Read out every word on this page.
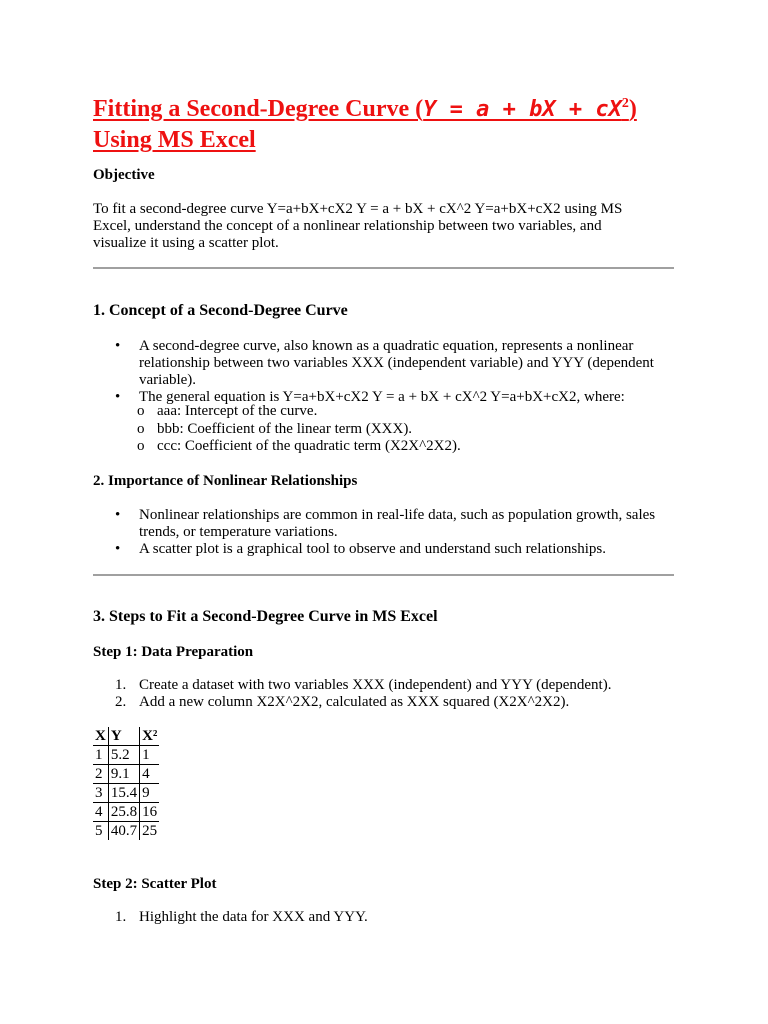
Fitting a Second-Degree Curve (Y = a + bX + $cX^2$)
Using MS Excel
Objective
To fit a second-degree curve Y=a+bX+cX2 Y = a + bX + cX^2 Y=a+bX+cX2 using MS Excel, understand the concept of a nonlinear relationship between two variables, and visualize it using a scatter plot.
1. Concept of a Second-Degree Curve
• A second-degree curve, also known as a quadratic equation, represents a nonlinear relationship between two variables XXX (independent variable) and YYY (dependent variable).
• The general equation is Y=a+bX+cX2 Y = a + bX + cX^2 Y=a+bX+cX2, where:
o aaa: Intercept of the curve.
o bbb: Coefficient of the linear term (XXX).
o ccc: Coefficient of the quadratic term (X2X^2X2).
2. Importance of Nonlinear Relationships
• Nonlinear relationships are common in real-life data, such as population growth, sales trends, or temperature variations.
• A scatter plot is a graphical tool to observe and understand such relationships.
3. Steps to Fit a Second-Degree Curve in MS Excel
Step 1: Data Preparation
1. Create a dataset with two variables XXX (independent) and YYY (dependent).
2. Add a new column X2X^2X2, calculated as XXX squared (X2X^2X2).
X	Y	X²
1	5.2	1
2	9.1	4
3	15.4	9
4	25.8	16
5	40.7	25
Step 2: Scatter Plot
1. Highlight the data for XXX and YYY.
